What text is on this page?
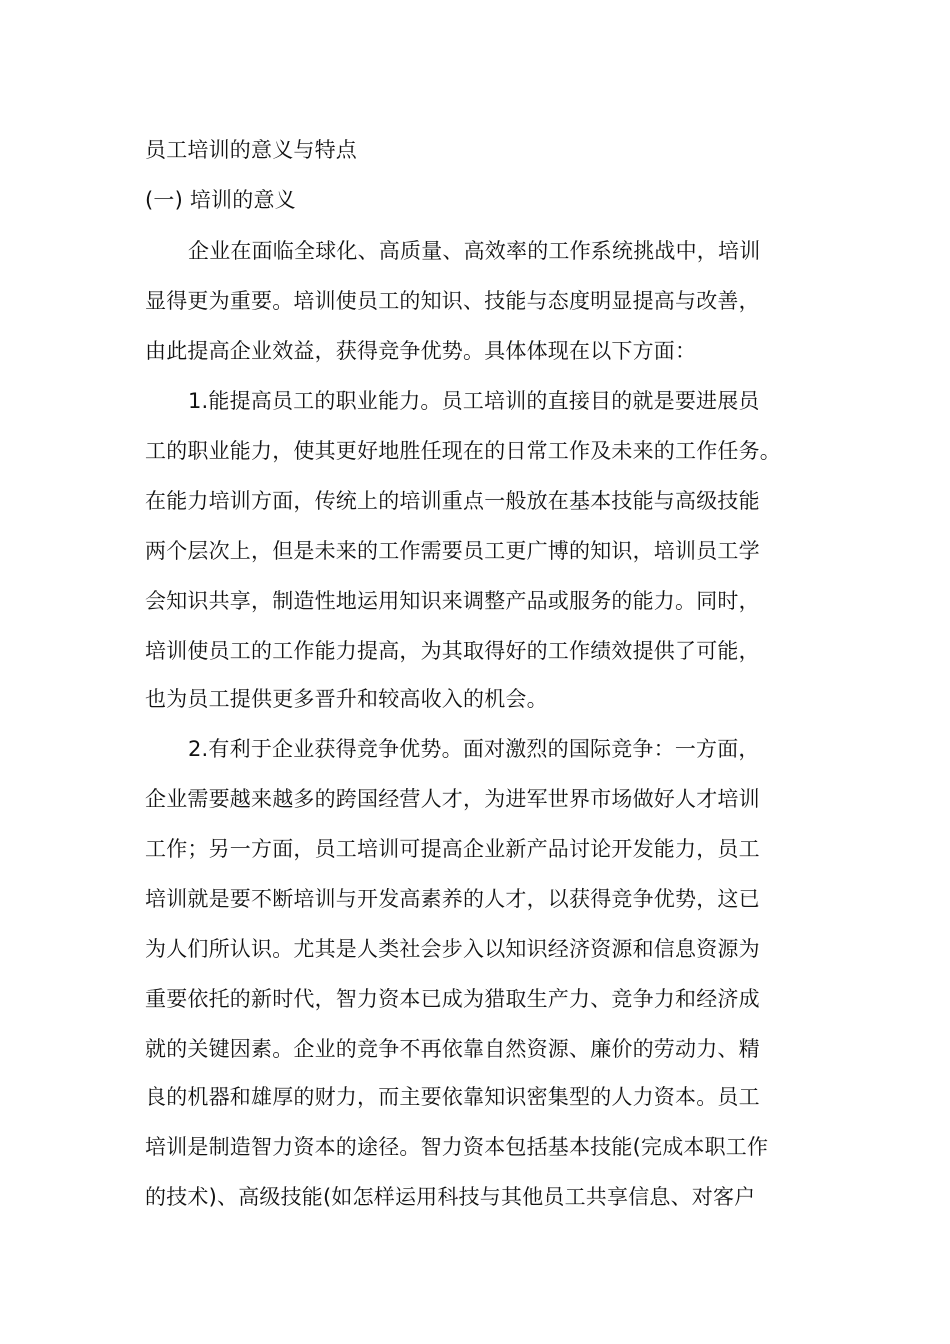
员工培训的意义与特点
(一) 培训的意义
企业在面临全球化、高质量、高效率的工作系统挑战中，培训
显得更为重要。培训使员工的知识、技能与态度明显提高与改善，
由此提高企业效益，获得竞争优势。具体体现在以下方面：
1.能提高员工的职业能力。员工培训的直接目的就是要进展员
工的职业能力，使其更好地胜任现在的日常工作及未来的工作任务。
在能力培训方面，传统上的培训重点一般放在基本技能与高级技能
两个层次上，但是未来的工作需要员工更广博的知识，培训员工学
会知识共享，制造性地运用知识来调整产品或服务的能力。同时，
培训使员工的工作能力提高，为其取得好的工作绩效提供了可能，
也为员工提供更多晋升和较高收入的机会。
2.有利于企业获得竞争优势。面对激烈的国际竞争：一方面，
企业需要越来越多的跨国经营人才，为进军世界市场做好人才培训
工作；另一方面，员工培训可提高企业新产品讨论开发能力，员工
培训就是要不断培训与开发高素养的人才，以获得竞争优势，这已
为人们所认识。尤其是人类社会步入以知识经济资源和信息资源为
重要依托的新时代，智力资本已成为猎取生产力、竞争力和经济成
就的关键因素。企业的竞争不再依靠自然资源、廉价的劳动力、精
良的机器和雄厚的财力，而主要依靠知识密集型的人力资本。员工
培训是制造智力资本的途径。智力资本包括基本技能(完成本职工作
的技术)、高级技能(如怎样运用科技与其他员工共享信息、对客户
